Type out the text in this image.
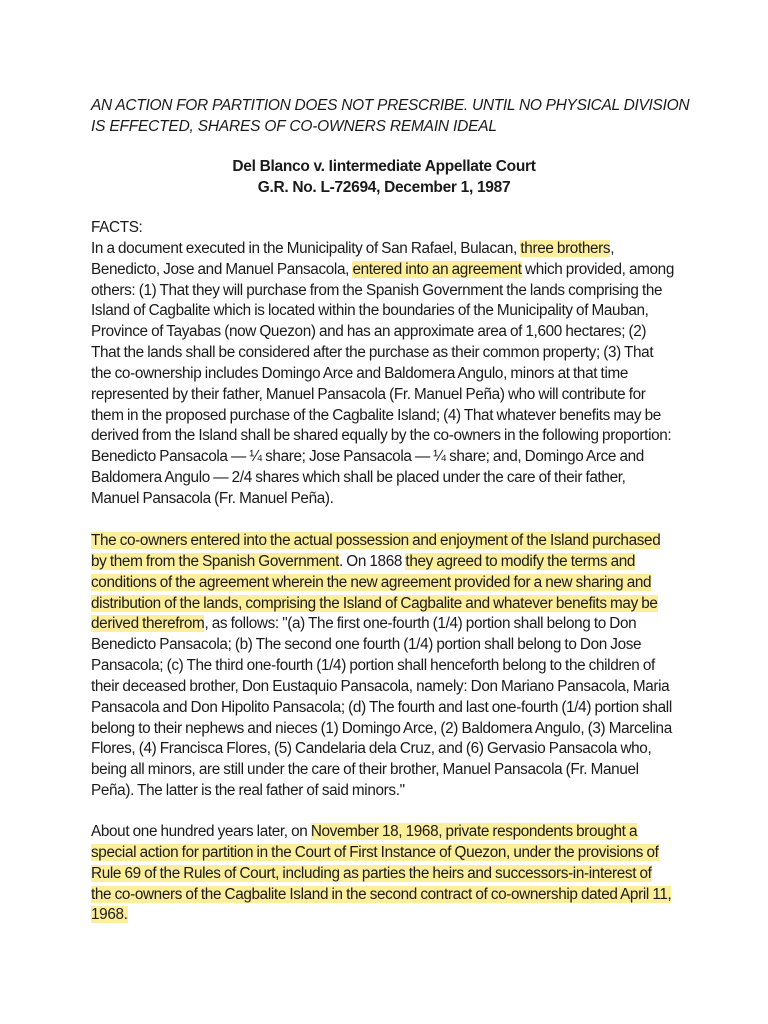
AN ACTION FOR PARTITION DOES NOT PRESCRIBE. UNTIL NO PHYSICAL DIVISION
IS EFFECTED, SHARES OF CO-OWNERS REMAIN IDEAL
Del Blanco v. Iintermediate Appellate Court
G.R. No. L-72694, December 1, 1987
FACTS:
In a document executed in the Municipality of San Rafael, Bulacan, three brothers,
Benedicto, Jose and Manuel Pansacola, entered into an agreement which provided, among
others: (1) That they will purchase from the Spanish Government the lands comprising the
Island of Cagbalite which is located within the boundaries of the Municipality of Mauban,
Province of Tayabas (now Quezon) and has an approximate area of 1,600 hectares; (2)
That the lands shall be considered after the purchase as their common property; (3) That
the co-ownership includes Domingo Arce and Baldomera Angulo, minors at that time
represented by their father, Manuel Pansacola (Fr. Manuel Peña) who will contribute for
them in the proposed purchase of the Cagbalite Island; (4) That whatever benefits may be
derived from the Island shall be shared equally by the co-owners in the following proportion:
Benedicto Pansacola — ¼ share; Jose Pansacola — ¼ share; and, Domingo Arce and
Baldomera Angulo — 2/4 shares which shall be placed under the care of their father,
Manuel Pansacola (Fr. Manuel Peña).
The co-owners entered into the actual possession and enjoyment of the Island purchased
by them from the Spanish Government. On 1868 they agreed to modify the terms and
conditions of the agreement wherein the new agreement provided for a new sharing and
distribution of the lands, comprising the Island of Cagbalite and whatever benefits may be
derived therefrom, as follows: "(a) The first one-fourth (1/4) portion shall belong to Don
Benedicto Pansacola; (b) The second one fourth (1/4) portion shall belong to Don Jose
Pansacola; (c) The third one-fourth (1/4) portion shall henceforth belong to the children of
their deceased brother, Don Eustaquio Pansacola, namely: Don Mariano Pansacola, Maria
Pansacola and Don Hipolito Pansacola; (d) The fourth and last one-fourth (1/4) portion shall
belong to their nephews and nieces (1) Domingo Arce, (2) Baldomera Angulo, (3) Marcelina
Flores, (4) Francisca Flores, (5) Candelaria dela Cruz, and (6) Gervasio Pansacola who,
being all minors, are still under the care of their brother, Manuel Pansacola (Fr. Manuel
Peña). The latter is the real father of said minors."
About one hundred years later, on November 18, 1968, private respondents brought a
special action for partition in the Court of First Instance of Quezon, under the provisions of
Rule 69 of the Rules of Court, including as parties the heirs and successors-in-interest of
the co-owners of the Cagbalite Island in the second contract of co-ownership dated April 11,
1968.
